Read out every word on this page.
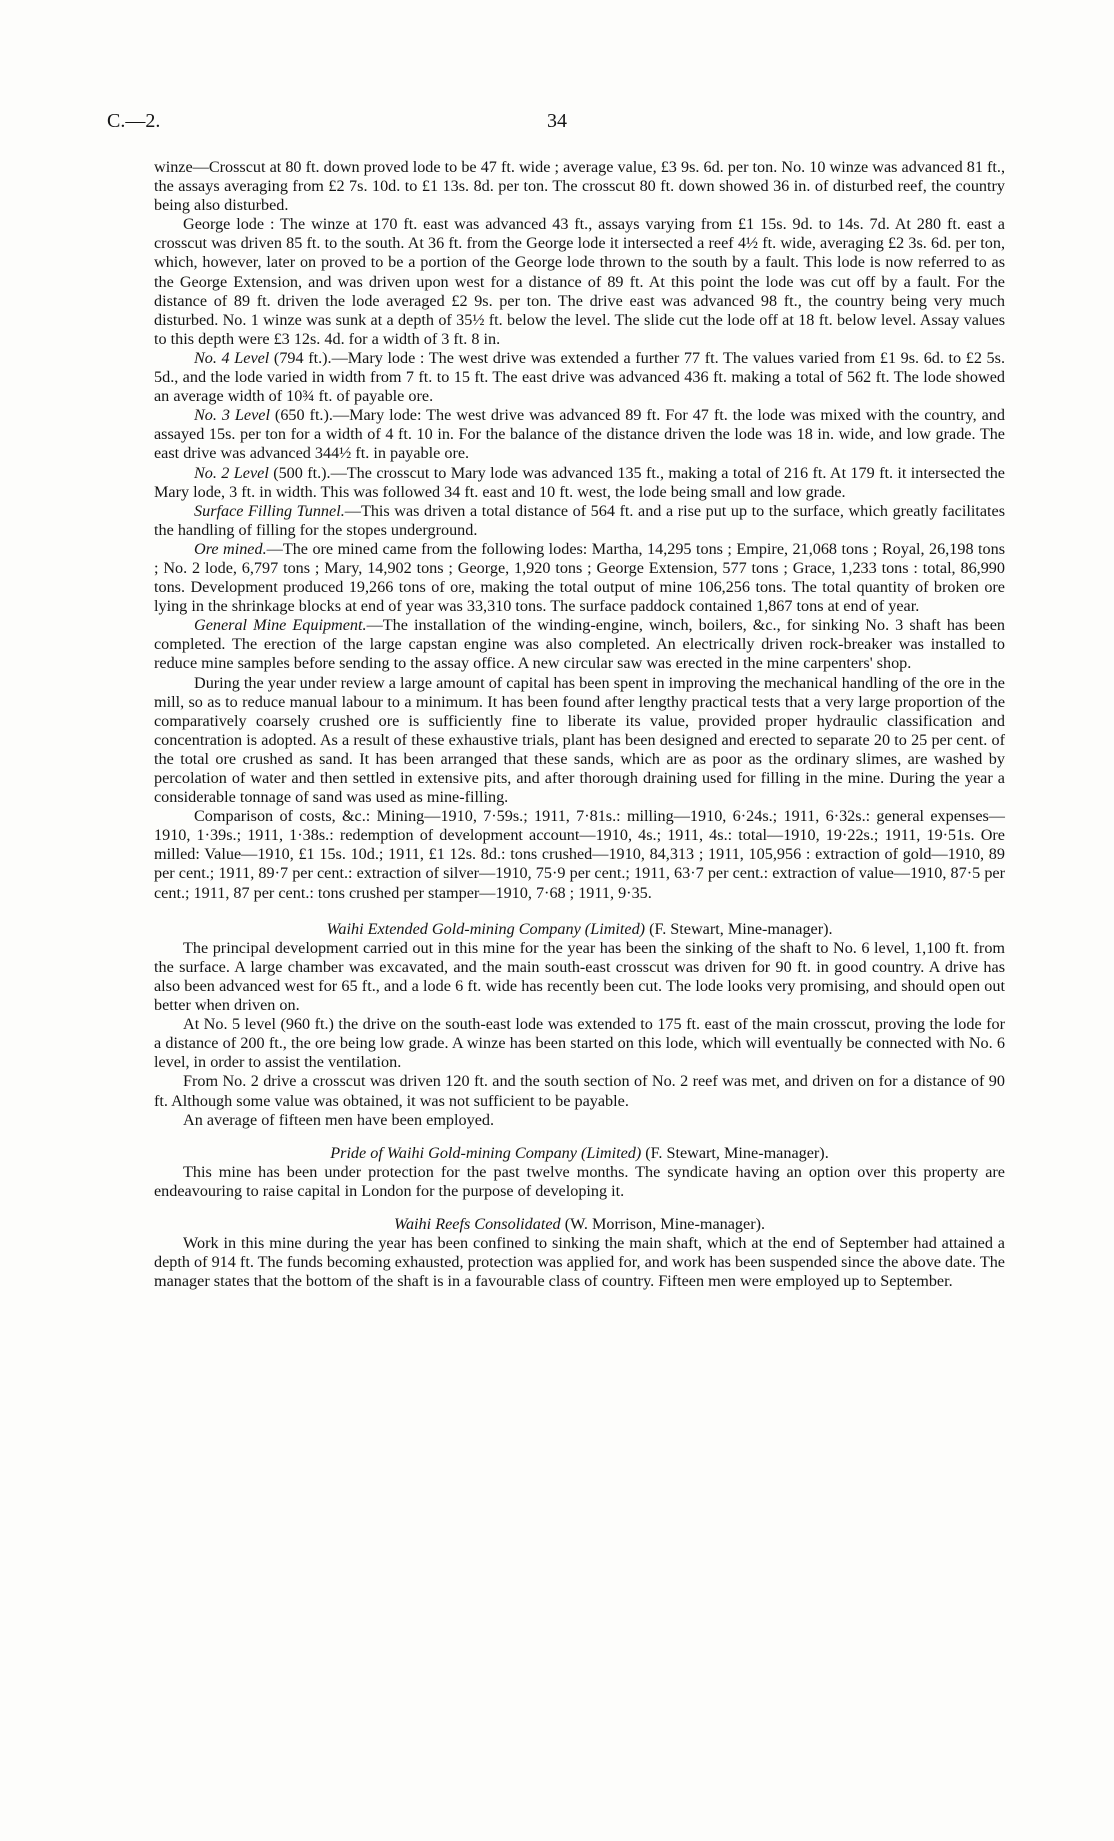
C.—2.	34

winze—Crosscut at 80 ft. down proved lode to be 47 ft. wide ; average value, £3 9s. 6d. per ton. No. 10 winze was advanced 81 ft., the assays averaging from £2 7s. 10d. to £1 13s. 8d. per ton. The crosscut 80 ft. down showed 36 in. of disturbed reef, the country being also disturbed.

George lode : The winze at 170 ft. east was advanced 43 ft., assays varying from £1 15s. 9d. to 14s. 7d. At 280 ft. east a crosscut was driven 85 ft. to the south. At 36 ft. from the George lode it intersected a reef 4½ ft. wide, averaging £2 3s. 6d. per ton, which, however, later on proved to be a portion of the George lode thrown to the south by a fault. This lode is now referred to as the George Extension, and was driven upon west for a distance of 89 ft. At this point the lode was cut off by a fault. For the distance of 89 ft. driven the lode averaged £2 9s. per ton. The drive east was advanced 98 ft., the country being very much disturbed. No. 1 winze was sunk at a depth of 35½ ft. below the level. The slide cut the lode off at 18 ft. below level. Assay values to this depth were £3 12s. 4d. for a width of 3 ft. 8 in.

No. 4 Level (794 ft.).—Mary lode : The west drive was extended a further 77 ft. The values varied from £1 9s. 6d. to £2 5s. 5d., and the lode varied in width from 7 ft. to 15 ft. The east drive was advanced 436 ft. making a total of 562 ft. The lode showed an average width of 10¾ ft. of payable ore.

No. 3 Level (650 ft.).—Mary lode: The west drive was advanced 89 ft. For 47 ft. the lode was mixed with the country, and assayed 15s. per ton for a width of 4 ft. 10 in. For the balance of the distance driven the lode was 18 in. wide, and low grade. The east drive was advanced 344½ ft. in payable ore.

No. 2 Level (500 ft.).—The crosscut to Mary lode was advanced 135 ft., making a total of 216 ft. At 179 ft. it intersected the Mary lode, 3 ft. in width. This was followed 34 ft. east and 10 ft. west, the lode being small and low grade.

Surface Filling Tunnel.—This was driven a total distance of 564 ft. and a rise put up to the surface, which greatly facilitates the handling of filling for the stopes underground.

Ore mined.—The ore mined came from the following lodes: Martha, 14,295 tons ; Empire, 21,068 tons ; Royal, 26,198 tons ; No. 2 lode, 6,797 tons ; Mary, 14,902 tons ; George, 1,920 tons ; George Extension, 577 tons ; Grace, 1,233 tons : total, 86,990 tons. Development produced 19,266 tons of ore, making the total output of mine 106,256 tons. The total quantity of broken ore lying in the shrinkage blocks at end of year was 33,310 tons. The surface paddock contained 1,867 tons at end of year.

General Mine Equipment.—The installation of the winding-engine, winch, boilers, &c., for sinking No. 3 shaft has been completed. The erection of the large capstan engine was also completed. An electrically driven rock-breaker was installed to reduce mine samples before sending to the assay office. A new circular saw was erected in the mine carpenters' shop.

During the year under review a large amount of capital has been spent in improving the mechanical handling of the ore in the mill, so as to reduce manual labour to a minimum. It has been found after lengthy practical tests that a very large proportion of the comparatively coarsely crushed ore is sufficiently fine to liberate its value, provided proper hydraulic classification and concentration is adopted. As a result of these exhaustive trials, plant has been designed and erected to separate 20 to 25 per cent. of the total ore crushed as sand. It has been arranged that these sands, which are as poor as the ordinary slimes, are washed by percolation of water and then settled in extensive pits, and after thorough draining used for filling in the mine. During the year a considerable tonnage of sand was used as mine-filling.

Comparison of costs, &c.: Mining—1910, 7·59s.; 1911, 7·81s.: milling—1910, 6·24s.; 1911, 6·32s.: general expenses—1910, 1·39s.; 1911, 1·38s.: redemption of development account—1910, 4s.; 1911, 4s.: total—1910, 19·22s.; 1911, 19·51s. Ore milled: Value—1910, £1 15s. 10d.; 1911, £1 12s. 8d.: tons crushed—1910, 84,313 ; 1911, 105,956 : extraction of gold—1910, 89 per cent.; 1911, 89·7 per cent.: extraction of silver—1910, 75·9 per cent.; 1911, 63·7 per cent.: extraction of value—1910, 87·5 per cent.; 1911, 87 per cent.: tons crushed per stamper—1910, 7·68 ; 1911, 9·35.

Waihi Extended Gold-mining Company (Limited) (F. Stewart, Mine-manager).

The principal development carried out in this mine for the year has been the sinking of the shaft to No. 6 level, 1,100 ft. from the surface. A large chamber was excavated, and the main south-east crosscut was driven for 90 ft. in good country. A drive has also been advanced west for 65 ft., and a lode 6 ft. wide has recently been cut. The lode looks very promising, and should open out better when driven on.

At No. 5 level (960 ft.) the drive on the south-east lode was extended to 175 ft. east of the main crosscut, proving the lode for a distance of 200 ft., the ore being low grade. A winze has been started on this lode, which will eventually be connected with No. 6 level, in order to assist the ventilation.

From No. 2 drive a crosscut was driven 120 ft. and the south section of No. 2 reef was met, and driven on for a distance of 90 ft. Although some value was obtained, it was not sufficient to be payable.

An average of fifteen men have been employed.

Pride of Waihi Gold-mining Company (Limited) (F. Stewart, Mine-manager).

This mine has been under protection for the past twelve months. The syndicate having an option over this property are endeavouring to raise capital in London for the purpose of developing it.

Waihi Reefs Consolidated (W. Morrison, Mine-manager).

Work in this mine during the year has been confined to sinking the main shaft, which at the end of September had attained a depth of 914 ft. The funds becoming exhausted, protection was applied for, and work has been suspended since the above date. The manager states that the bottom of the shaft is in a favourable class of country. Fifteen men were employed up to September.
